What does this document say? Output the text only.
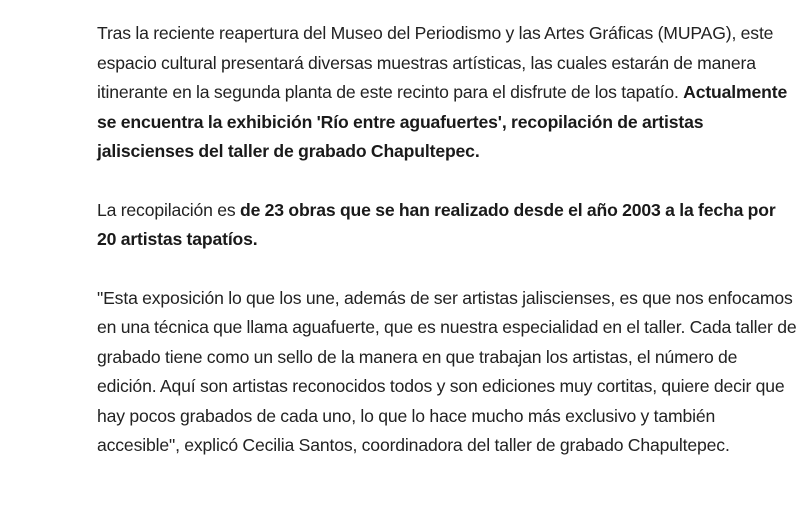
Tras la reciente reapertura del Museo del Periodismo y las Artes Gráficas (MUPAG), este espacio cultural presentará diversas muestras artísticas, las cuales estarán de manera itinerante en la segunda planta de este recinto para el disfrute de los tapatío. Actualmente se encuentra la exhibición 'Río entre aguafuertes', recopilación de artistas jaliscienses del taller de grabado Chapultepec.

La recopilación es de 23 obras que se han realizado desde el año 2003 a la fecha por 20 artistas tapatíos.

"Esta exposición lo que los une, además de ser artistas jaliscienses, es que nos enfocamos en una técnica que llama aguafuerte, que es nuestra especialidad en el taller. Cada taller de grabado tiene como un sello de la manera en que trabajan los artistas, el número de edición. Aquí son artistas reconocidos todos y son ediciones muy cortitas, quiere decir que hay pocos grabados de cada uno, lo que lo hace mucho más exclusivo y también accesible", explicó Cecilia Santos, coordinadora del taller de grabado Chapultepec.
